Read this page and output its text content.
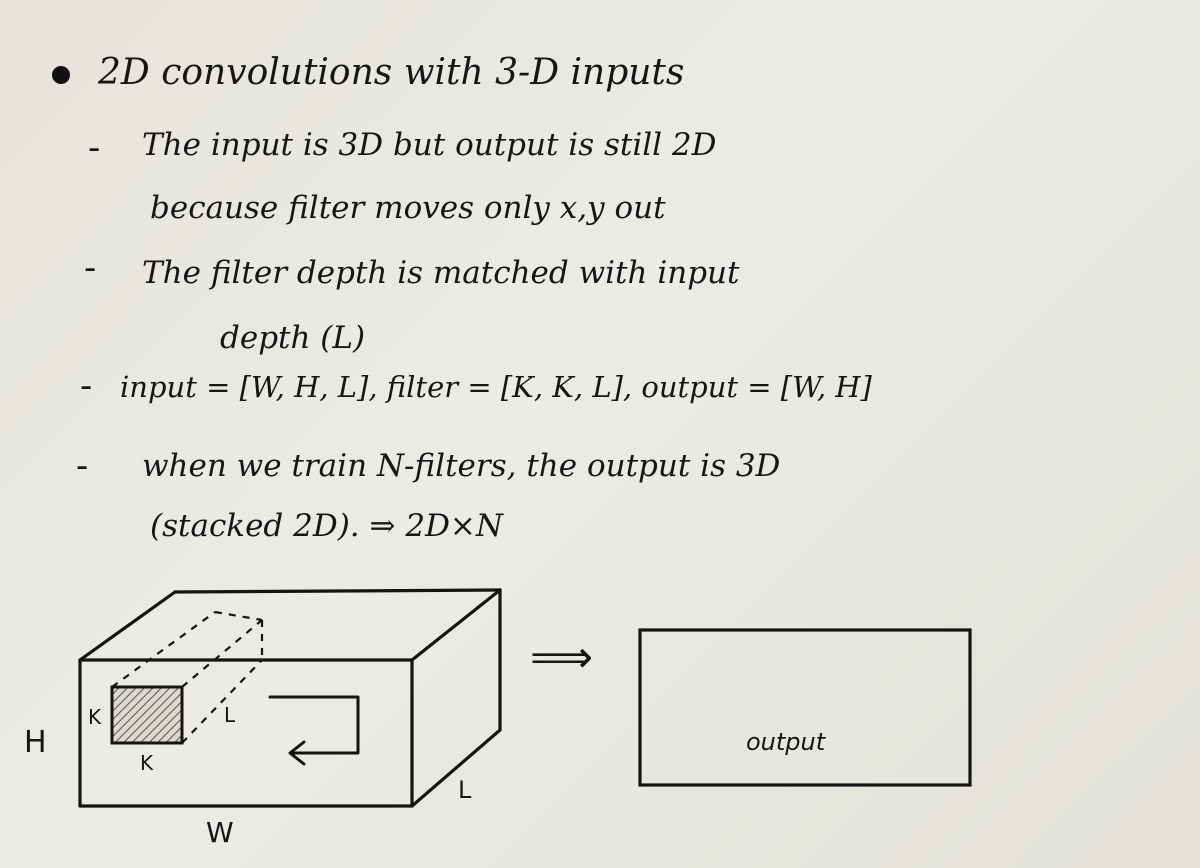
2D convolutions with 3-D inputs
- The input is 3D but output is still 2D
because filter moves only x,y out
- The filter depth is matched with input
depth (L)
- input = [W, H, L], filter = [K, K, L], output = [W, H]
- when we train N-filters, the output is 3D
(stacked 2D). ⇒ 2D×N
K
K
L
H
W
L
⟹
output
